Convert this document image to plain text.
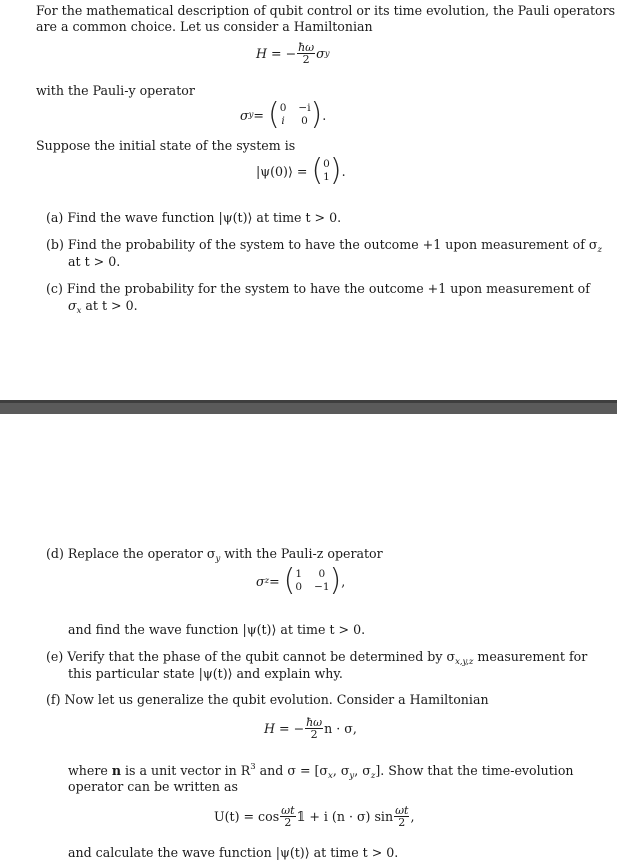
For the mathematical description of qubit control or its time evolution, the Pauli operators
are a common choice. Let us consider a Hamiltonian
H = − $\frac{ħ\omega}{2}$ σ y
with the Pauli-y operator
σ y = ( 0 −i
i 0 ) .
Suppose the initial state of the system is
|ψ(0)⟩ = ( 0
1 ) .
(a) Find the wave function |ψ(t)⟩ at time t > 0.
(b) Find the probability of the system to have the outcome +1 upon measurement of $\sigma_z$
at t > 0.
(c) Find the probability for the system to have the outcome +1 upon measurement of
$\sigma_x$ at t > 0.
(d) Replace the operator $\sigma_y$ with the Pauli-z operator
σ z = ( 1	0
0 −1 ) ,
and find the wave function |ψ(t)⟩ at time t > 0.
(e) Verify that the phase of the qubit cannot be determined by $\sigma_{x,y,z}$ measurement for
this particular state |ψ(t)⟩ and explain why.
(f) Now let us generalize the qubit evolution. Consider a Hamiltonian
H = − $\frac{ħ\omega}{2}$ n · σ,
where n is a unit vector in $R^3$ and $\sigma = [\sigma_x$, $\sigma_y$, $\sigma_z$]. Show that the time-evolution
operator can be written as
$U(t) = \cos \frac{\omega t}{2}$ 𝟙 + i (n · σ) $\sin \frac{\omega t}{2}$ ,
and calculate the wave function |ψ(t)⟩ at time t > 0.
